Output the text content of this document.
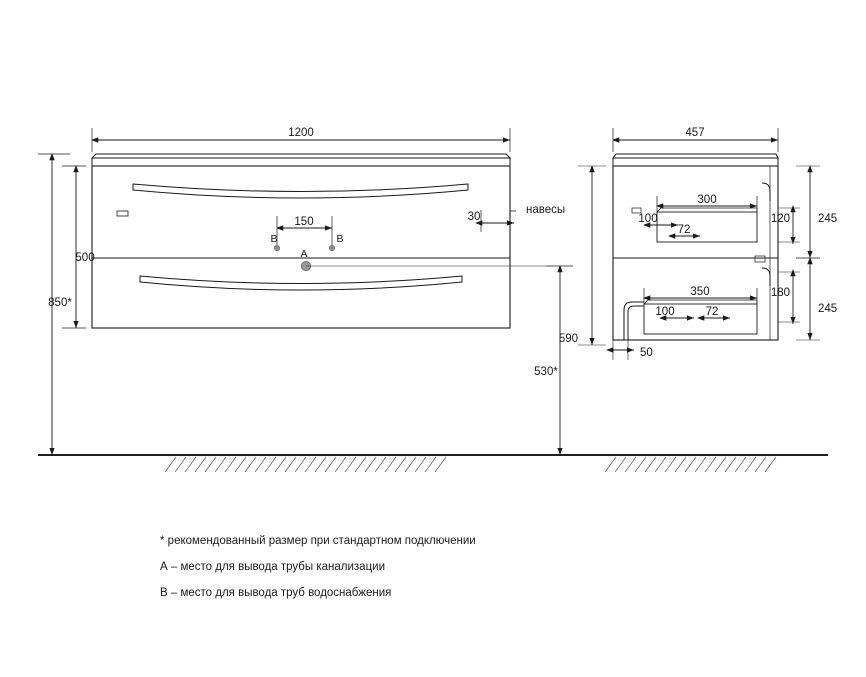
1200
500
850*
150
В	В
А
30
навесы
530*
457
300
100
72
350
100	72
120 245
180
245
50
590
* рекомендованный размер при стандартном подключении
А – место для вывода трубы канализации
В – место для вывода труб водоснабжения
